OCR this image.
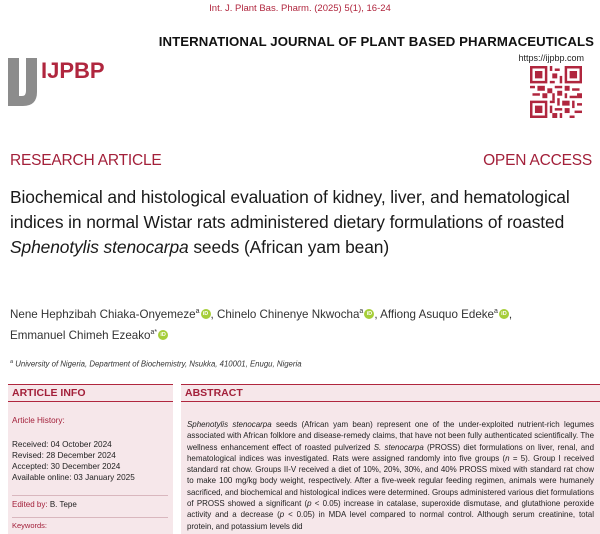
Int. J. Plant Bas. Pharm. (2025) 5(1), 16-24
INTERNATIONAL JOURNAL OF PLANT BASED PHARMACEUTICALS
IJPBP	https://ijpbp.com
RESEARCH ARTICLE	OPEN ACCESS
Biochemical and histological evaluation of kidney, liver, and hematological indices in normal Wistar rats administered dietary formulations of roasted Sphenotylis stenocarpa seeds (African yam bean)
Nene Hephzibah Chiaka-Onyemeze$^a$ iD , Chinelo Chinenye Nkwocha$^a$ iD , Affiong Asuquo Edeke$^a$ iD ,
Emmanuel Chimeh Ezeako$^{a*}$ iD
$^a$ University of Nigeria, Department of Biochemistry, Nsukka, 410001, Enugu, Nigeria
ARTICLE INFO
Article History:
Received: 04 October 2024
Revised: 28 December 2024
Accepted: 30 December 2024
Available online: 03 January 2025
Edited by: B. Tepe
Keywords:
ABSTRACT
Sphenotylis stenocarpa seeds (African yam bean) represent one of the under-exploited nutrient-rich legumes associated with African folklore and disease-remedy claims, that have not been fully authenticated scientifically. The wellness enhancement effect of roasted pulverized S. stenocarpa (PROSS) diet formulations on liver, renal, and hematological indices was investigated. Rats were assigned randomly into five groups (n = 5). Group I received standard rat chow. Groups II-V received a diet of 10%, 20%, 30%, and 40% PROSS mixed with standard rat chow to make 100 mg/kg body weight, respectively. After a five-week regular feeding regimen, animals were humanely sacrificed, and biochemical and histological indices were determined. Groups administered various diet formulations of PROSS showed a significant (p < 0.05) increase in catalase, superoxide dismutase, and glutathione peroxide activity and a decrease (p < 0.05) in MDA level compared to normal control. Although serum creatinine, total protein, and potassium levels did
